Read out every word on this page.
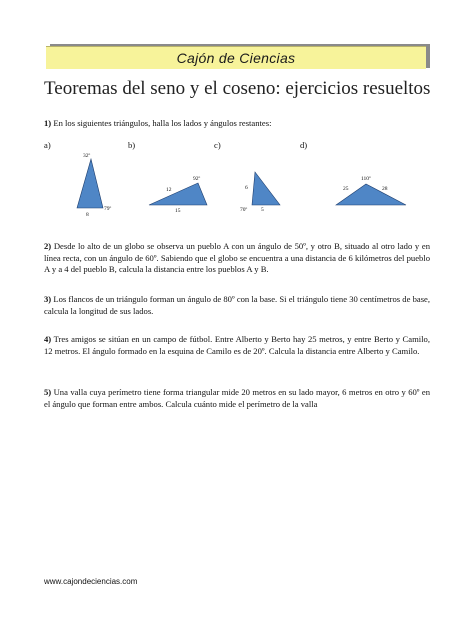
Cajón de Ciencias
Teoremas del seno y el coseno: ejercicios resueltos
1) En los siguientes triángulos, halla los lados y ángulos restantes:
a)	b)	c)	d)
32º
79º
8
92º
12
15
6
70º	5
110º
25	28
2) Desde lo alto de un globo se observa un pueblo A con un ángulo de 50º, y otro B, situado al otro lado y en línea recta, con un ángulo de 60º. Sabiendo que el globo se encuentra a una distancia de 6 kilómetros del pueblo A y a 4 del pueblo B, calcula la distancia entre los pueblos A y B.
3) Los flancos de un triángulo forman un ángulo de 80º con la base. Si el triángulo tiene 30 centímetros de base, calcula la longitud de sus lados.
4) Tres amigos se sitúan en un campo de fútbol. Entre Alberto y Berto hay 25 metros, y entre Berto y Camilo, 12 metros. El ángulo formado en la esquina de Camilo es de 20º. Calcula la distancia entre Alberto y Camilo.
5) Una valla cuya perímetro tiene forma triangular mide 20 metros en su lado mayor, 6 metros en otro y 60º en el ángulo que forman entre ambos. Calcula cuánto mide el perímetro de la valla
www.cajondeciencias.com
